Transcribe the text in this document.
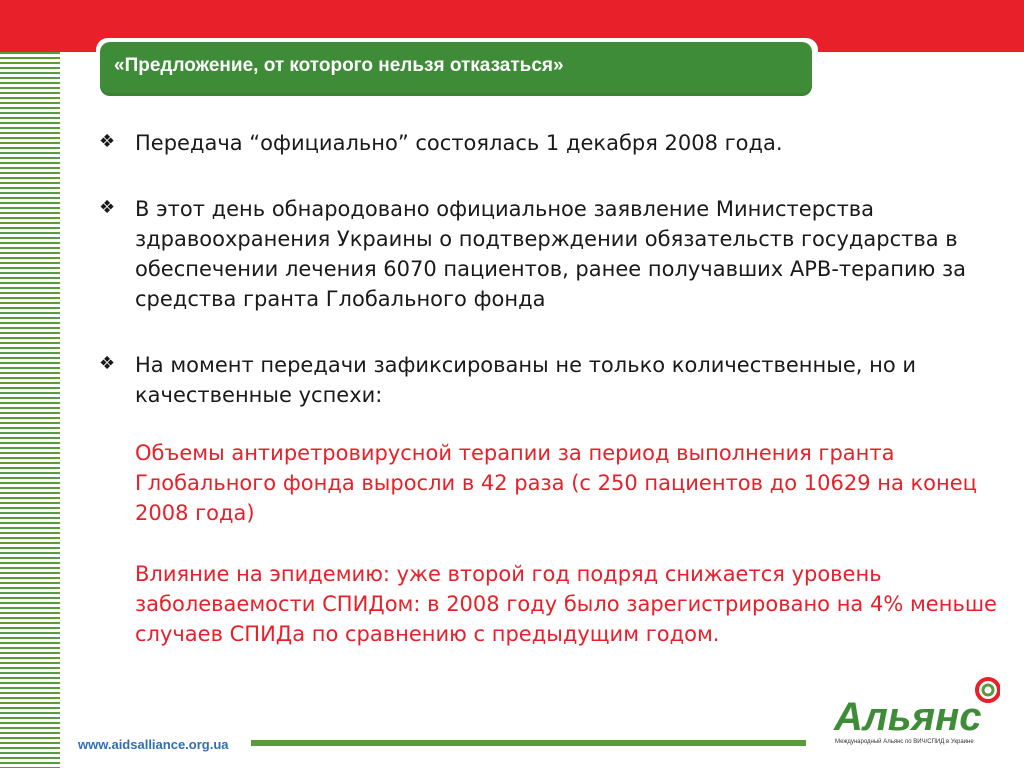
«Предложение, от которого нельзя отказаться»
❖ Передача “официально” состоялась 1 декабря 2008 года.
❖ В этот день обнародовано официальное заявление Министерства здравоохранения Украины о подтверждении обязательств государства в обеспечении лечения 6070 пациентов, ранее получавших АРВ-терапию за средства гранта Глобального фонда
❖ На момент передачи зафиксированы не только количественные, но и качественные успехи:

Объемы антиретровирусной терапии за период выполнения гранта Глобального фонда выросли в 42 раза (с 250 пациентов до 10629 на конец 2008 года)

Влияние на эпидемию: уже второй год подряд снижается уровень заболеваемости СПИДом: в 2008 году было зарегистрировано на 4% меньше случаев СПИДа по сравнению с предыдущим годом.

www.aidsalliance.org.ua
Альянс
Международный Альянс по ВИЧ/СПИД в Украине
